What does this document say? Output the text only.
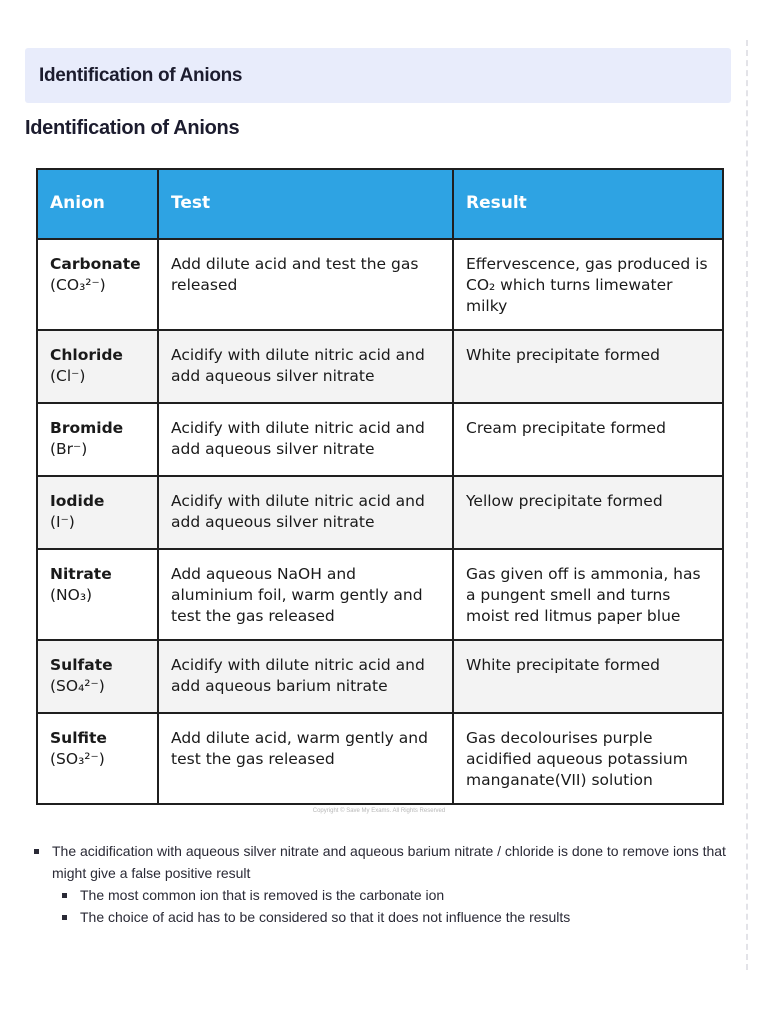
Identification of Anions
Identification of Anions
Anion	Test	Result

Carbonate
(CO₃²⁻)	Add dilute acid and test the gas released	Effervescence, gas produced is CO₂ which turns limewater milky

Chloride
(Cl⁻)	Acidify with dilute nitric acid and add aqueous silver nitrate	White precipitate formed

Bromide
(Br⁻)	Acidify with dilute nitric acid and add aqueous silver nitrate	Cream precipitate formed

Iodide
(I⁻)	Acidify with dilute nitric acid and add aqueous silver nitrate	Yellow precipitate formed

Nitrate
(NO₃)	Add aqueous NaOH and aluminium foil, warm gently and test the gas released	Gas given off is ammonia, has a pungent smell and turns moist red litmus paper blue

Sulfate
(SO₄²⁻)	Acidify with dilute nitric acid and add aqueous barium nitrate	White precipitate formed

Sulfite
(SO₃²⁻)	Add dilute acid, warm gently and test the gas released	Gas decolourises purple acidified aqueous potassium manganate(VII) solution
Copyright © Save My Exams. All Rights Reserved
The acidification with aqueous silver nitrate and aqueous barium nitrate / chloride is done to remove ions that might give a false positive result
The most common ion that is removed is the carbonate ion
The choice of acid has to be considered so that it does not influence the results
